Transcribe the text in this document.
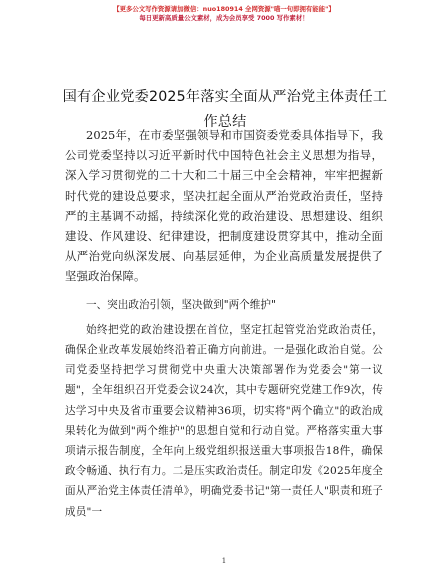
【更多公文写作资源请加微信：nuo180914 全网资源"喵一句即拥有能能"】
每日更新高质量公文素材，成为会员享受 7000 写作素材！
国有企业党委2025年落实全面从严治党主体责任工作总结

2025年，在市委坚强领导和市国资委党委具体指导下，我公司党委坚持以习近平新时代中国特色社会主义思想为指导，深入学习贯彻党的二十大和二十届三中全会精神，牢牢把握新时代党的建设总要求，坚决扛起全面从严治党政治责任，坚持严的主基调不动摇，持续深化党的政治建设、思想建设、组织建设、作风建设、纪律建设，把制度建设贯穿其中，推动全面从严治党向纵深发展、向基层延伸，为企业高质量发展提供了坚强政治保障。

一、突出政治引领，坚决做到"两个维护"

始终把党的政治建设摆在首位，坚定扛起管党治党政治责任，确保企业改革发展始终沿着正确方向前进。一是强化政治自觉。公司党委坚持把学习贯彻党中央重大决策部署作为党委会"第一议题"，全年组织召开党委会议24次，其中专题研究党建工作9次，传达学习中央及省市重要会议精神36项，切实将"两个确立"的政治成果转化为做到"两个维护"的思想自觉和行动自觉。严格落实重大事项请示报告制度，全年向上级党组织报送重大事项报告18件，确保政令畅通、执行有力。二是压实政治责任。制定印发《2025年度全面从严治党主体责任清单》，明确党委书记"第一责任人"职责和班子成员"一

1
